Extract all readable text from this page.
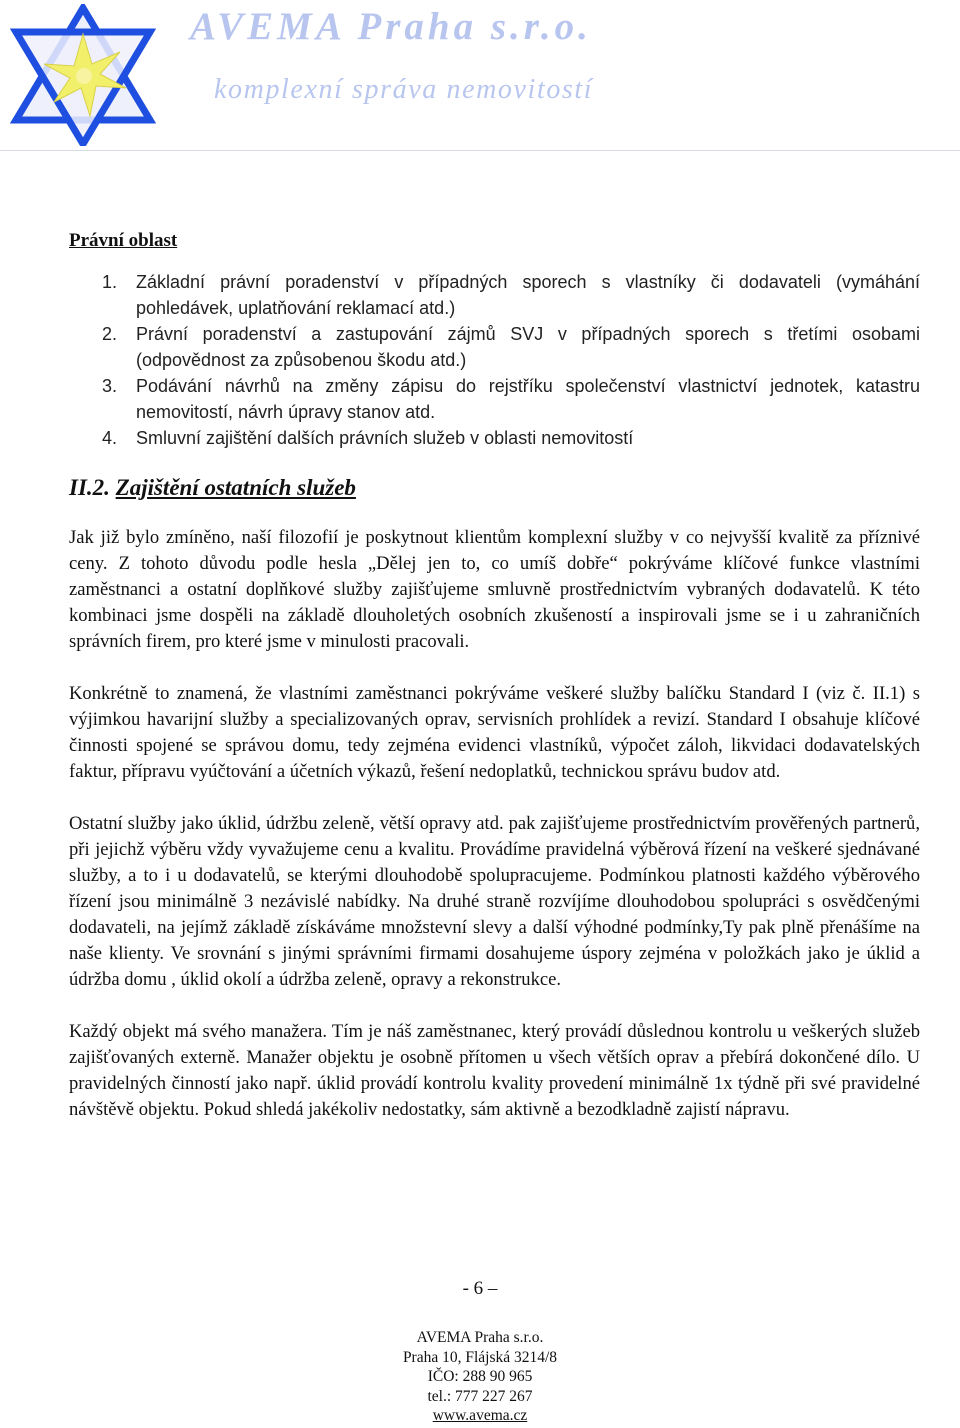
AVEMA Praha s.r.o.
komplexní správa nemovitostí
Právní oblast
1. Základní právní poradenství v případných sporech s vlastníky či dodavateli (vymáhání pohledávek, uplatňování reklamací atd.)
2. Právní poradenství a zastupování zájmů SVJ v případných sporech s třetími osobami (odpovědnost za způsobenou škodu atd.)
3. Podávání návrhů na změny zápisu do rejstříku společenství vlastnictví jednotek, katastru nemovitostí, návrh úpravy stanov atd.
4. Smluvní zajištění dalších právních služeb v oblasti nemovitostí
II.2. Zajištění ostatních služeb

Jak již bylo zmíněno, naší filozofií je poskytnout klientům komplexní služby v co nejvyšší kvalitě za příznivé ceny. Z tohoto důvodu podle hesla „Dělej jen to, co umíš dobře“ pokrýváme klíčové funkce vlastními zaměstnanci a ostatní doplňkové služby zajišťujeme smluvně prostřednictvím vybraných dodavatelů. K této kombinaci jsme dospěli na základě dlouholetých osobních zkušeností a inspirovali jsme se i u zahraničních správních firem, pro které jsme v minulosti pracovali.

Konkrétně to znamená, že vlastními zaměstnanci pokrýváme veškeré služby balíčku Standard I (viz č. II.1) s výjimkou havarijní služby a specializovaných oprav, servisních prohlídek a revizí. Standard I obsahuje klíčové činnosti spojené se správou domu, tedy zejména evidenci vlastníků, výpočet záloh, likvidaci dodavatelských faktur, přípravu vyúčtování a účetních výkazů, řešení nedoplatků, technickou správu budov atd.

Ostatní služby jako úklid, údržbu zeleně, větší opravy atd. pak zajišťujeme prostřednictvím prověřených partnerů, při jejichž výběru vždy vyvažujeme cenu a kvalitu. Provádíme pravidelná výběrová řízení na veškeré sjednávané služby, a to i u dodavatelů, se kterými dlouhodobě spolupracujeme. Podmínkou platnosti každého výběrového řízení jsou minimálně 3 nezávislé nabídky. Na druhé straně rozvíjíme dlouhodobou spolupráci s osvědčenými dodavateli, na jejímž základě získáváme množstevní slevy a další výhodné podmínky,Ty pak plně přenášíme na naše klienty. Ve srovnání s jinými správními firmami dosahujeme úspory zejména v položkách jako je úklid a údržba domu , úklid okolí a údržba zeleně, opravy a rekonstrukce.

Každý objekt má svého manažera. Tím je náš zaměstnanec, který provádí důslednou kontrolu u veškerých služeb zajišťovaných externě. Manažer objektu je osobně přítomen u všech větších oprav a přebírá dokončené dílo. U pravidelných činností jako např. úklid provádí kontrolu kvality provedení minimálně 1x týdně při své pravidelné návštěvě objektu. Pokud shledá jakékoliv nedostatky, sám aktivně a bezodkladně zajistí nápravu.

- 6 –
AVEMA Praha s.r.o.
Praha 10, Flájská 3214/8
IČO: 288 90 965
tel.: 777 227 267
www.avema.cz
